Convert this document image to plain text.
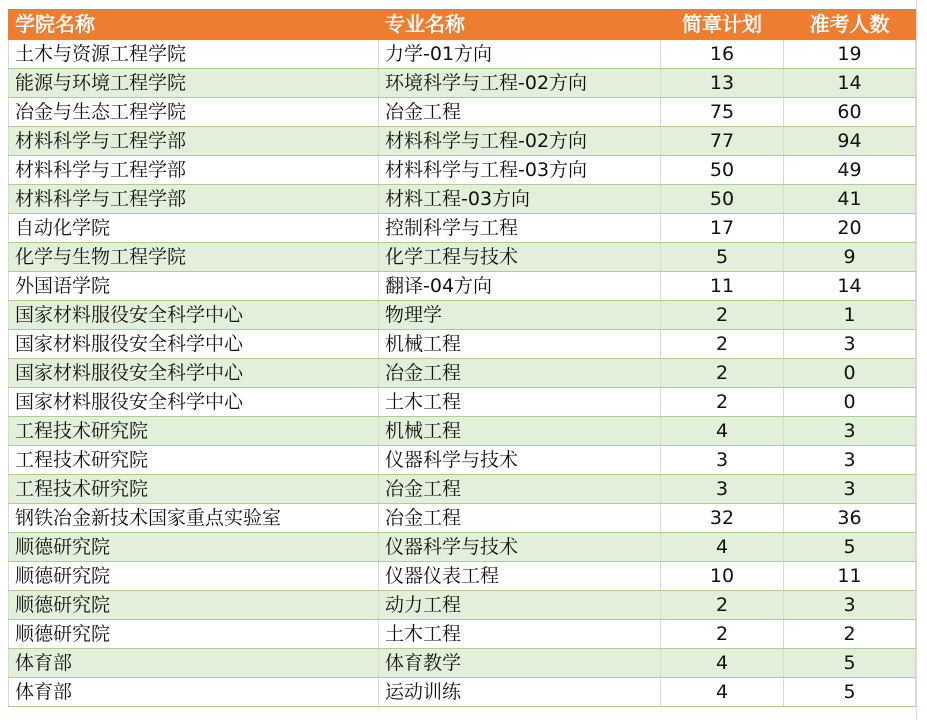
学院名称	专业名称	简章计划	准考人数
土木与资源工程学院	力学-01方向	16	19
能源与环境工程学院	环境科学与工程-02方向	13	14
冶金与生态工程学院	冶金工程	75	60
材料科学与工程学部	材料科学与工程-02方向	77	94
材料科学与工程学部	材料科学与工程-03方向	50	49
材料科学与工程学部	材料工程-03方向	50	41
自动化学院	控制科学与工程	17	20
化学与生物工程学院	化学工程与技术	5	9
外国语学院	翻译-04方向	11	14
国家材料服役安全科学中心	物理学	2	1
国家材料服役安全科学中心	机械工程	2	3
国家材料服役安全科学中心	冶金工程	2	0
国家材料服役安全科学中心	土木工程	2	0
工程技术研究院	机械工程	4	3
工程技术研究院	仪器科学与技术	3	3
工程技术研究院	冶金工程	3	3
钢铁冶金新技术国家重点实验室	冶金工程	32	36
顺德研究院	仪器科学与技术	4	5
顺德研究院	仪器仪表工程	10	11
顺德研究院	动力工程	2	3
顺德研究院	土木工程	2	2
体育部	体育教学	4	5
体育部	运动训练	4	5
